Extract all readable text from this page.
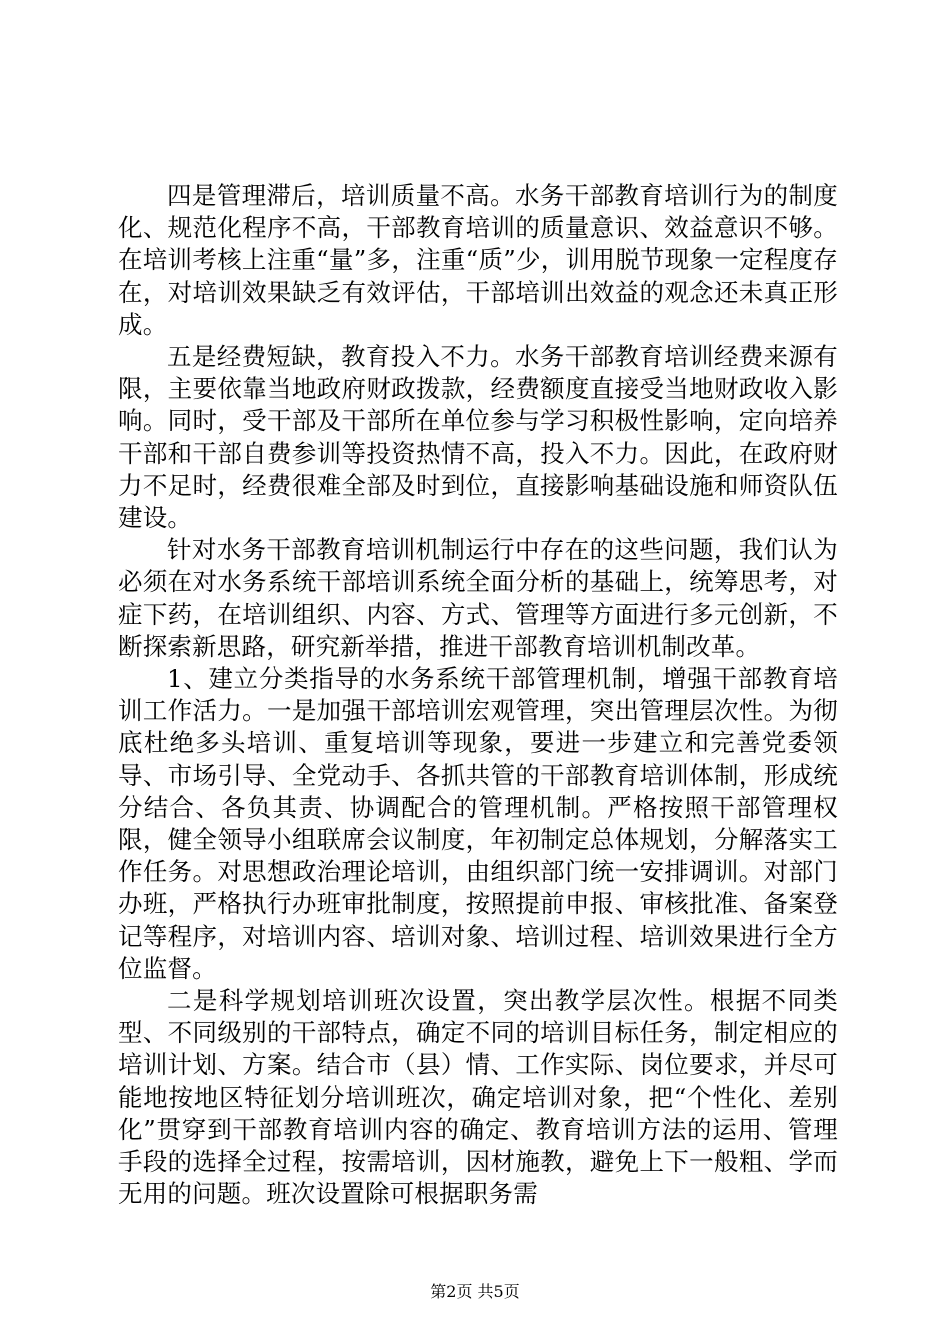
四是管理滞后，培训质量不高。水务干部教育培训行为的制度化、规范化程序不高，干部教育培训的质量意识、效益意识不够。在培训考核上注重“量”多，注重“质”少，训用脱节现象一定程度存在，对培训效果缺乏有效评估，干部培训出效益的观念还未真正形成。

五是经费短缺，教育投入不力。水务干部教育培训经费来源有限，主要依靠当地政府财政拨款，经费额度直接受当地财政收入影响。同时，受干部及干部所在单位参与学习积极性影响，定向培养干部和干部自费参训等投资热情不高，投入不力。因此，在政府财力不足时，经费很难全部及时到位，直接影响基础设施和师资队伍建设。

针对水务干部教育培训机制运行中存在的这些问题，我们认为必须在对水务系统干部培训系统全面分析的基础上，统筹思考，对症下药，在培训组织、内容、方式、管理等方面进行多元创新，不断探索新思路，研究新举措，推进干部教育培训机制改革。

1、建立分类指导的水务系统干部管理机制，增强干部教育培训工作活力。一是加强干部培训宏观管理，突出管理层次性。为彻底杜绝多头培训、重复培训等现象，要进一步建立和完善党委领导、市场引导、全党动手、各抓共管的干部教育培训体制，形成统分结合、各负其责、协调配合的管理机制。严格按照干部管理权限，健全领导小组联席会议制度，年初制定总体规划，分解落实工作任务。对思想政治理论培训，由组织部门统一安排调训。对部门办班，严格执行办班审批制度，按照提前申报、审核批准、备案登记等程序，对培训内容、培训对象、培训过程、培训效果进行全方位监督。

二是科学规划培训班次设置，突出教学层次性。根据不同类型、不同级别的干部特点，确定不同的培训目标任务，制定相应的培训计划、方案。结合市（县）情、工作实际、岗位要求，并尽可能地按地区特征划分培训班次，确定培训对象，把“个性化、差别化”贯穿到干部教育培训内容的确定、教育培训方法的运用、管理手段的选择全过程，按需培训，因材施教，避免上下一般粗、学而无用的问题。班次设置除可根据职务需

第2页 共5页
